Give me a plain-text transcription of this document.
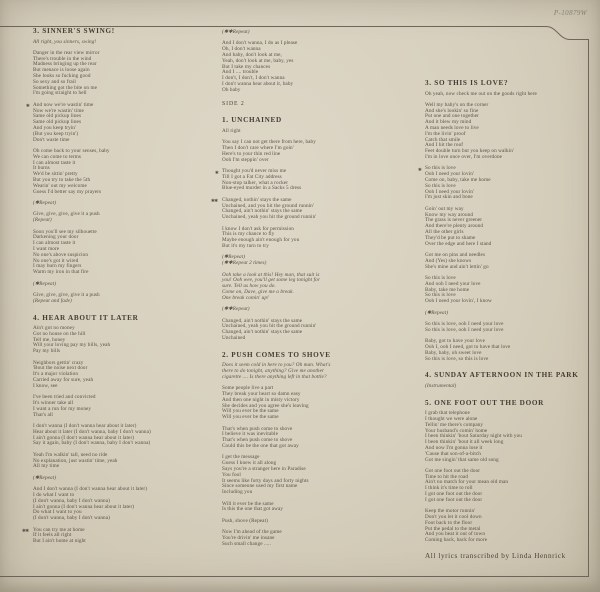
P-10879W
3. SINNER'S SWING!
All right, you sinners, swing!
Danger in the rear view mirror
There's trouble in the wind
Madness bringing up the rear
But menace is loose again
She looks so fucking good
So sexy and so frail
Something got the bite on me
I'm going straight to hell
✱ And now we're wastin' time
Now we're wastin' time
Same old pickup lines
Same old pickup lines
And you keep tryin'
(But you keep tryin')
Don't waste time
Oh come back to your senses, baby
We can come to terms
I can almost taste it
It burns
We'd be sittin' pretty
But you try to take the 5th
Wearin' out my welcome
Guess I'd better say my prayers
(✱Repeat)
Give, give, give, give it a push
(Repeat)
Soon you'll see my silhouette
Darkening your door
I can almost taste it
I want more
No one's above suspicion
No one's got it wired
I may burn my fingers
Warm my iron in that fire
(✱Repeat)
Give, give, give, give it a push
(Repeat and fade)
4. HEAR ABOUT IT LATER
Ain't got no money
Got no house on the hill
Tell me, honey
Will your loving pay my bills, yeah
Pay my bills
Neighbors gettin' crazy
'Bout the noise next door
It's a major violation
Carried away for sure, yeah
I know, see
I've been tried and convicted
It's winner take all
I want a run for my money
That's all
I don't wanna (I don't wanna hear about it later)
Hear about it later (I don't wanna, baby I don't wanna)
I ain't gonna (I don't wanna hear about it later)
Say it again, baby (I don't wanna, baby I don't wanna)
Yeah I'm walkin' tall, need no ride
No explanation, just wastin' time, yeah
All my time
(✱Repeat)
And I don't wanna (I don't wanna hear about it later)
I do what I want to
(I don't wanna, baby I don't wanna)
I ain't gonna (I don't wanna hear about it later)
Do what I want to you
(I don't wanna, baby I don't wanna)
✱✱ You can try me at home
If it feels all right
But I ain't home at night
(✱✱Repeat)
And I don't wanna, I do as I please
Oh, I don't wanna
And baby, don't look at me,
Yeah, don't look at me, baby, yes
But I take my chances
And I .... trouble
I don't, I don't, I don't wanna
I don't wanna hear about it, baby
Oh baby
SIDE 2
1. UNCHAINED
All right
You say I can not get there from here, baby
Then I don't care where I'm goin'
Here's to your thin red line
Ooh I'm steppin' over
✱ Thought you'd never miss me
Till I got a Fat City address
Non-stop talker, what a rocker
Blue-eyed murder in a Sacks 5 dress
✱✱ Changed, nothin' stays the same
Unchained, and you hit the ground runnin'
Changed, ain't nothin' stays the same
Unchained, yeah you hit the ground runnin'
I know I don't ask for permission
This is my chance to fly
Maybe enough ain't enough for you
But it's my turn to try
(✱Repeat)
(✱✱Repeat 2 times)
Ooh take a look at this! Hey man, that suit is
you! Ooh wee, you'll get some leg tonight for
sure. Tell us how you do.
Come on, Dave, give me a break.
One break comin' up!
(✱✱Repeat)
Changed, ain't nothin' stays the same
Unchained, yeah you hit the ground runnin'
Changed, ain't nothin' stays the same
Unchained
2. PUSH COMES TO SHOVE
Does it seem cold in here to you? Oh man. What's
there to do tonight, anything? Give me another
cigarette .... Is there anything left in that bottle?
Some people live a part
They break your heart so damn easy
And then one night in misty victory
She decides and you agree she's leaving
Will you ever be the same
Will you ever be the same
That's when push come to shove
I believe it was inevitable
That's when push come to shove
Could this be the one that got away
I get the message
Guess I knew it all along
Says you're a stranger here in Paradise
You fool
It seems like forty days and forty nights
Since someone used my first name
Including you
Will it ever be the same
Is this the one that got away
Push, shove (Repeat)
Now I'm ahead of the game
You're drivin' me insane
Such small change .....
3. SO THIS IS LOVE?
Oh yeah, now check me out on the goods right here
Well my baby's on the corner
And she's lookin' so fine
Put one and one together
And it blew my mind
A man needs love to live
I'm the livin' proof
Catch that smile
And I hit the roof
Feet double turn but you keep on walkin'
I'm in love once over, I'm overdone
✱ So this is love
Ooh I need your lovin'
Come on, baby, take me home
So this is love
Ooh I need your lovin'
I'm just skin and bone
Goin' out my way
Know my way around
The grass is never greener
And there're plenty around
All the other girls
They'd be put to shame
Over the edge and here I stand
Got me on pins and needles
And (Yes) she knows
She's mine and ain't lettin' go
So this is love
And ooh I need your love
Baby, take me home
So this is love
Ooh I need your lovin', I know
(✱Repeat)
So this is love, ooh I need your love
So this is love, ooh I need your love
Baby, got to have your love
Ooh I, ooh I need, got to have that love
Baby, baby, oh sweet love
So this is love, so this is love
4. SUNDAY AFTERNOON IN THE PARK
(Instrumental)
5. ONE FOOT OUT THE DOOR
I grab that telephone
I thought we were alone
Tellin' me there's company
Your husband's comin' home
I been thinkin' 'bout Saturday night with you
I been thinkin' 'bout it all week long
And now I'm gonna lose it
'Cause that son-of-a-bitch
Got me singin' that same old song
Got one foot out the door
Time to hit the road
Ain't no match for your mean old man
I think it's time to roll
I got one foot out the door
I got one foot out the door
Keep the motor runnin'
Don't you let it cool down
Foot back to the floor
Put the pedal to the metal
And you beat it out of town
Coming back, back for more
All lyrics transcribed by Linda Hennrick
